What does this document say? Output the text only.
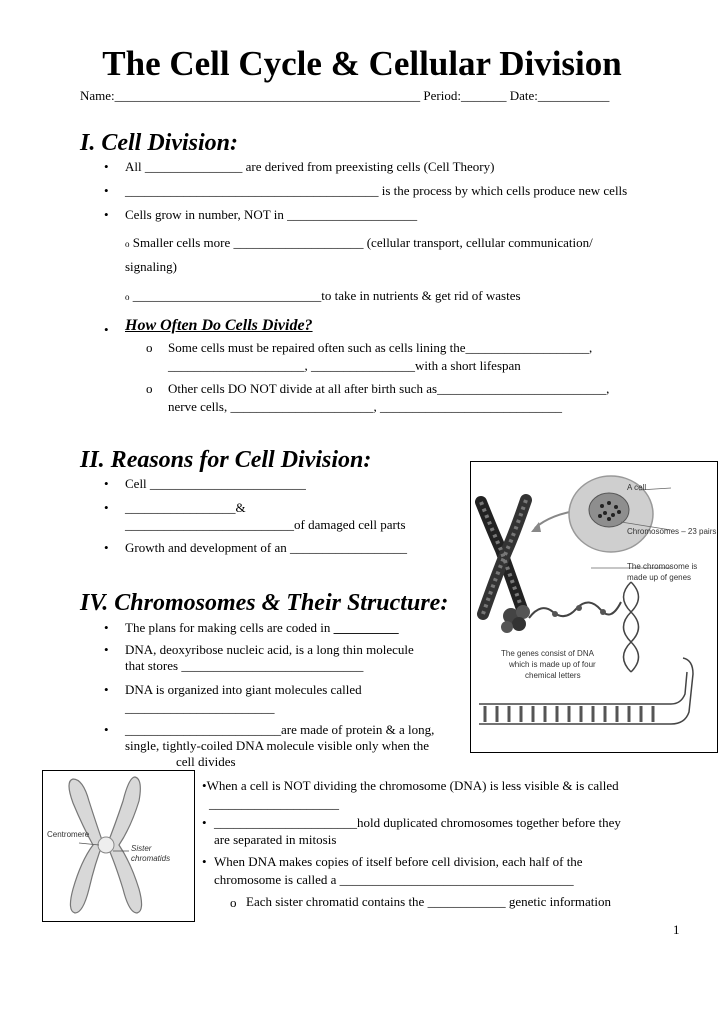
The Cell Cycle & Cellular Division
Name:_______________________________________________ Period:_______ Date:___________
I. Cell Division:
• All _______________ are derived from preexisting cells (Cell Theory)
• _______________________________________ is the process by which cells produce new cells
• Cells grow in number, NOT in ____________________
o Smaller cells more ____________________ (cellular transport, cellular communication/
signaling)
o _____________________________to take in nutrients & get rid of wastes
• How Often Do Cells Divide?
o Some cells must be repaired often such as cells lining the___________________,
_____________________, ________________with a short lifespan
o Other cells DO NOT divide at all after birth such as__________________________,
nerve cells, ______________________, ____________________________
II. Reasons for Cell Division:
• Cell ________________________
• _________________&
__________________________of damaged cell parts
• Growth and development of an __________________
IV. Chromosomes & Their Structure:
• The plans for making cells are coded in __________
• DNA, deoxyribose nucleic acid, is a long thin molecule
that stores ____________________________
• DNA is organized into giant molecules called
_______________________
• ________________________are made of protein & a long,
single, tightly-coiled DNA molecule visible only when the
cell divides
•When a cell is NOT dividing the chromosome (DNA) is less visible & is called
____________________
• ______________________hold duplicated chromosomes together before they
are separated in mitosis
• When DNA makes copies of itself before cell division, each half of the
chromosome is called a ____________________________________
o Each sister chromatid contains the ____________ genetic information
1
A cell
Chromosomes – 23 pairs
The chromosome is
made up of genes
The genes consist of DNA
which is made up of four
chemical letters
Centromere
Sister
chromatids
